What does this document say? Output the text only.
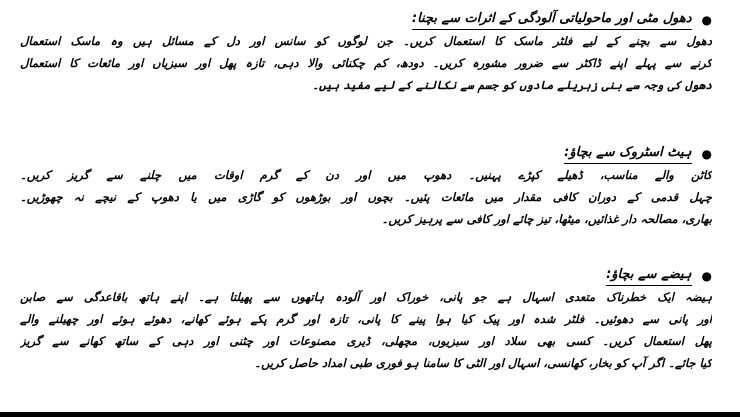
●
دھول مٹی اور ماحولیاتی آلودگی کے اثرات سے بچنا:
دھول سے بچنے کے لیے فلٹر ماسک کا استعمال کریں۔ جن لوگوں کو سانس اور دل کے مسائل ہیں وہ ماسک استعمال
کرنے سے پہلے اپنے ڈاکٹر سے ضرور مشورہ کریں۔ دودھ، کم چکنائی والا دہی، تازہ پھل اور سبزیاں اور مائعات کا استعمال
دھول کی وجہ سے بنی زہریلے مادوں کو جسم سے نکالنے کے لیے مفید ہیں۔
●
ہیٹ اسٹروک سے بچاؤ:
کاٹن والے مناسب، ڈھیلے کپڑے پہنیں۔ دھوپ میں اور دن کے گرم اوقات میں چلنے سے گریز کریں۔
چہل قدمی کے دوران کافی مقدار میں مائعات پئیں۔ بچوں اور بوڑھوں کو گاڑی میں یا دھوپ کے نیچے نہ چھوڑیں۔
بھاری، مصالحہ دار غذائیں، میٹھا، تیز چائے اور کافی سے پرہیز کریں۔
●
ہیضے سے بچاؤ:
ہیضہ ایک خطرناک متعدی اسہال ہے جو پانی، خوراک اور آلودہ ہاتھوں سے پھیلتا ہے۔ اپنے ہاتھ باقاعدگی سے صابن
اور پانی سے دھوئیں۔ فلٹر شدہ اور پیک کیا ہوا پینے کا پانی، تازہ اور گرم پکے ہوئے کھانے، دھوئے ہوئے اور چھیلنے والے
پھل استعمال کریں۔ کسی بھی سلاد اور سبزیوں، مچھلی، ڈیری مصنوعات اور چٹنی اور دہی کے ساتھ کھانے سے گریز
کیا جائے۔ اگر آپ کو بخار، کھانسی، اسہال اور الٹی کا سامنا ہو فوری طبی امداد حاصل کریں۔
